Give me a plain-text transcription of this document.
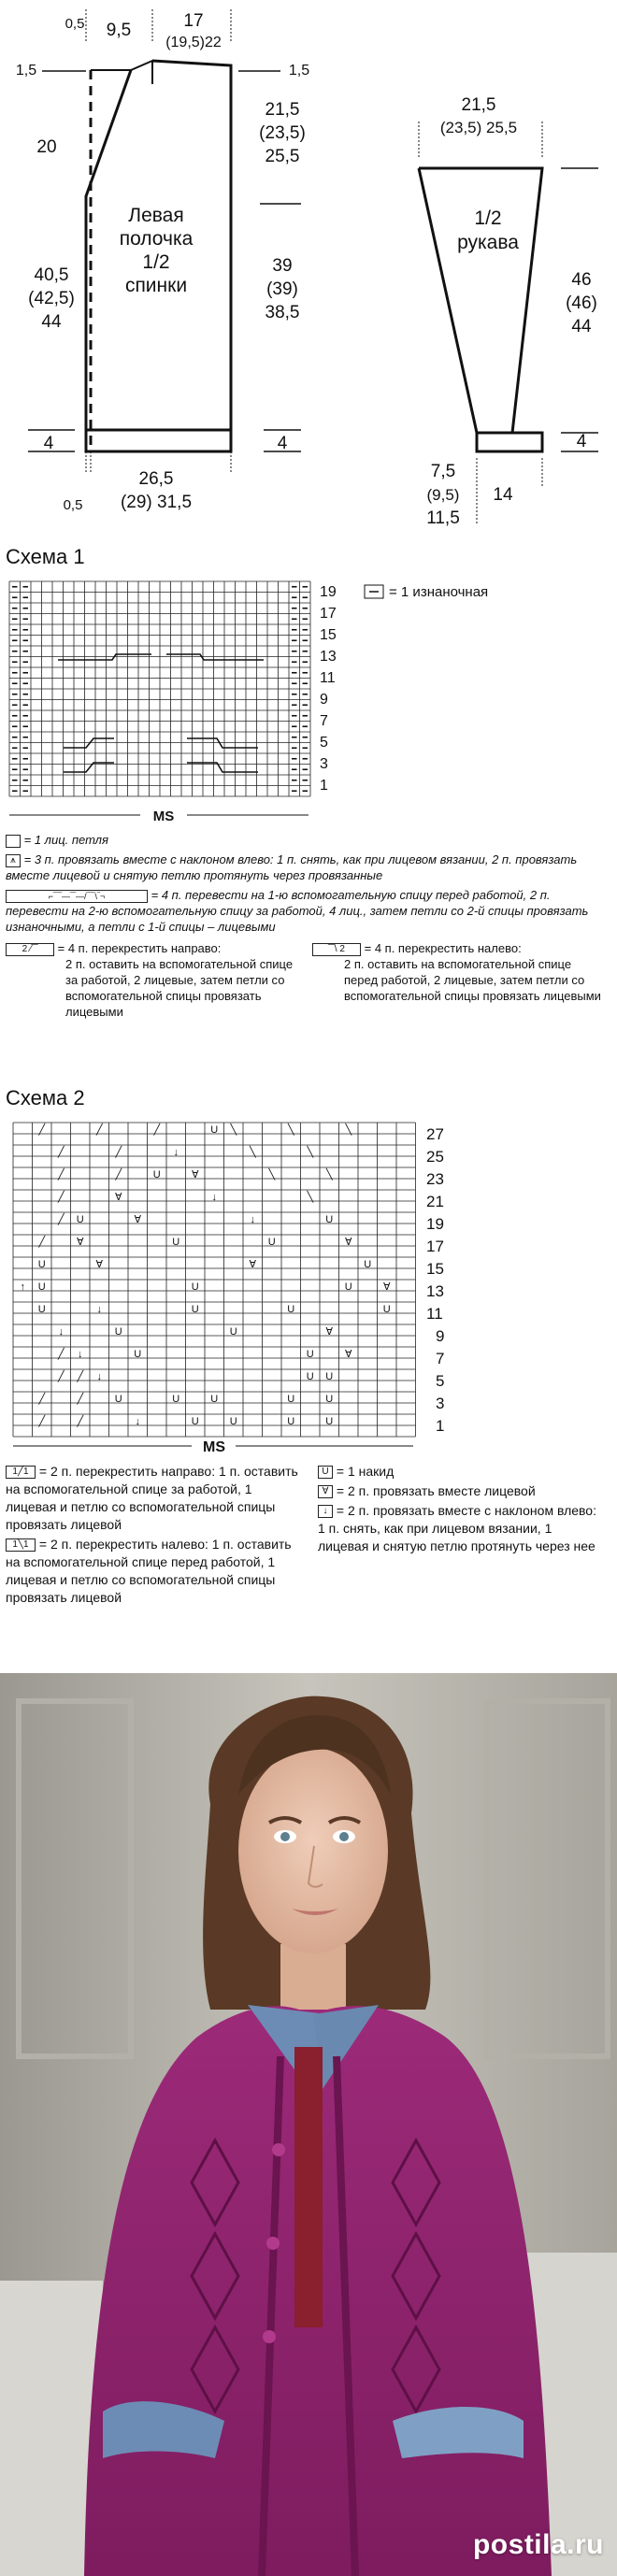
Левая
полочка
1/2
спинки
0,5 9,5	17
(19,5)22
1,5	1,5
20
21,5
(23,5)
25,5
40,5
(42,5)
44
39
(39)
38,5
4	4
26,5
(29) 31,5
0,5
1/2
рукава
21,5
(23,5) 25,5
46
(46)
44
4
7,5
(9,5)
11,5
14
Схема 1
19
17
15
13
11
9
7
5
3
1
MS
= 1 изнаночная
= 1 лиц. петля
⩚ = 3 п. провязать вместе с наклоном влево: 1 п. снять, как при лицевом вязании, 2 п. провязать вместе лицевой и снятую петлю протянуть через провязанные
⌐‾‾‾—‾‾—/‾‾‾\‾¬	= 4 п. перевести на 1-ю вспомогательную спицу перед работой, 2 п. перевести на 2-ю вспомогательную спицу за работой, 4 лиц., затем петли со 2-й спицы провязать изнаночными, а петли с 1-й спицы – лицевыми
2 ⁄‾‾ = 4 п. перекрестить направо:
2 п. оставить на вспомогательной спице за работой, 2 лицевые, затем петли со вспомогательной спицы провязать лицевыми
‾‾\ 2 = 4 п. перекрестить налево:
2 п. оставить на вспомогательной спице перед работой, 2 лицевые, затем петли со вспомогательной спицы провязать лицевыми
Схема 2
╱	╱	╱	U ╲	╲	╲
╱	╱	↓	╲	╲
╱	╱	U	∀	╲	╲
╱	∀	↓	╲
╱ U	∀	↓	U
╱	∀	U	U	∀
U	∀	∀	U
↑ U	U	U	∀
U	↓	U	U	U
↓	U	U	∀
╱ ↓	U	U	∀
╱ ╱ ↓	U U
╱	╱	U	U	U	U	U
╱	╱	↓	U	U	U	U
27
25
23
21
19
17
15
13
11
9
7
5
3
1
MS
1╱1 = 2 п. перекрестить направо: 1 п. оставить на вспомогательной спице за работой, 1 лицевая и петлю со вспомогательной спицы провязать лицевой
1╲1 = 2 п. перекрестить налево: 1 п. оставить на вспомогательной спице перед работой, 1 лицевая и петлю со вспомогательной спицы провязать лицевой
U = 1 накид
∀ = 2 п. провязать вместе лицевой
↓ = 2 п. провязать вместе с наклоном влево: 1 п. снять, как при лицевом вязании, 1 лицевая и снятую петлю протянуть через нее
postila.ru
